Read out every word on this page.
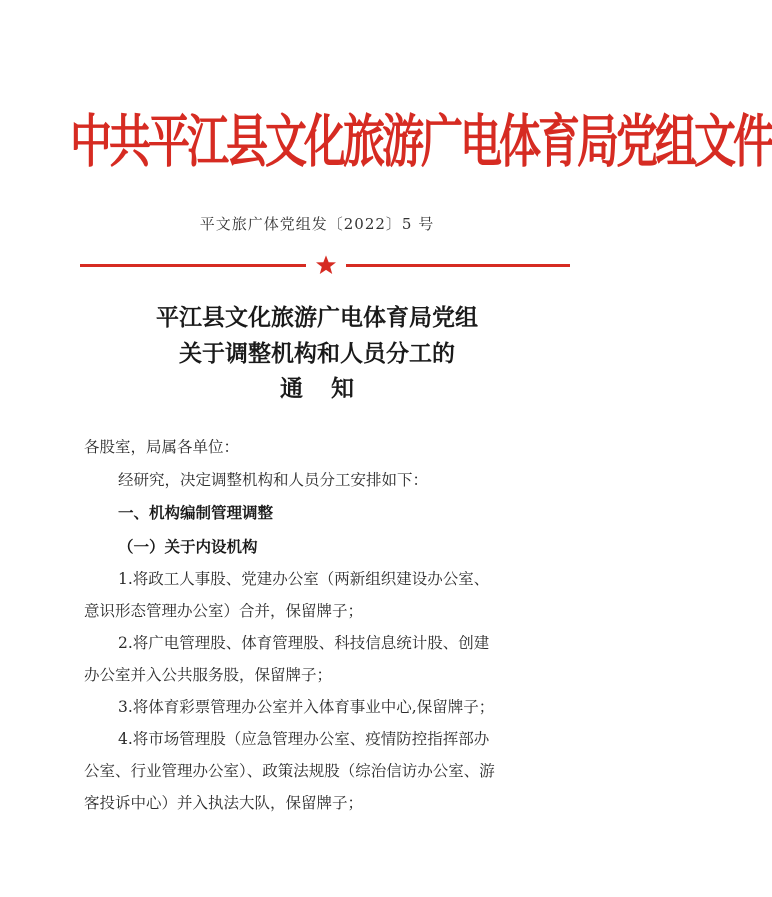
中共平江县文化旅游广电体育局党组文件
平文旅广体党组发〔2022〕5 号
平江县文化旅游广电体育局党组
关于调整机构和人员分工的
通知
各股室，局属各单位：
经研究，决定调整机构和人员分工安排如下：
一、机构编制管理调整
（一）关于内设机构
1.将政工人事股、党建办公室（两新组织建设办公室、
意识形态管理办公室）合并，保留牌子；
2.将广电管理股、体育管理股、科技信息统计股、创建
办公室并入公共服务股，保留牌子；
3.将体育彩票管理办公室并入体育事业中心,保留牌子；
4.将市场管理股（应急管理办公室、疫情防控指挥部办
公室、行业管理办公室）、政策法规股（综治信访办公室、游
客投诉中心）并入执法大队，保留牌子；
